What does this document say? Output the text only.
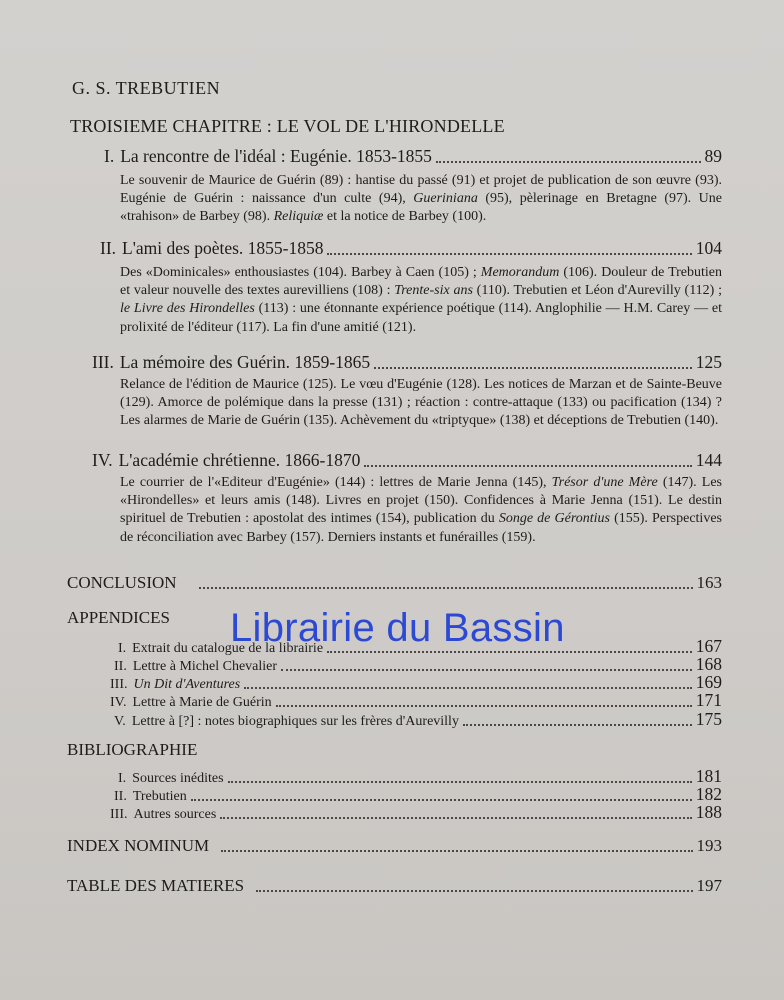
G. S. TREBUTIEN
TROISIEME CHAPITRE : LE VOL DE L'HIRONDELLE
I. La rencontre de l'idéal : Eugénie. 1853-1855	89
Le souvenir de Maurice de Guérin (89) : hantise du passé (91) et projet de publication de son œuvre (93). Eugénie de Guérin : naissance d'un culte (94), Gueriniana (95), pèlerinage en Bretagne (97). Une «trahison» de Barbey (98). Reliquiæ et la notice de Barbey (100).
II. L'ami des poètes. 1855-1858	104
Des «Dominicales» enthousiastes (104). Barbey à Caen (105) ; Memorandum (106). Douleur de Trebutien et valeur nouvelle des textes aurevilliens (108) : Trente-six ans (110). Trebutien et Léon d'Aurevilly (112) ; le Livre des Hirondelles (113) : une étonnante expérience poétique (114). Anglophilie — H.M. Carey — et prolixité de l'éditeur (117). La fin d'une amitié (121).
III. La mémoire des Guérin. 1859-1865	125
Relance de l'édition de Maurice (125). Le vœu d'Eugénie (128). Les notices de Marzan et de Sainte-Beuve (129). Amorce de polémique dans la presse (131) ; réaction : contre-attaque (133) ou pacification (134) ? Les alarmes de Marie de Guérin (135). Achèvement du «triptyque» (138) et déceptions de Trebutien (140).
IV. L'académie chrétienne. 1866-1870	144
Le courrier de l'«Editeur d'Eugénie» (144) : lettres de Marie Jenna (145), Trésor d'une Mère (147). Les «Hirondelles» et leurs amis (148). Livres en projet (150). Confidences à Marie Jenna (151). Le destin spirituel de Trebutien : apostolat des intimes (154), publication du Songe de Gérontius (155). Perspectives de réconciliation avec Barbey (157). Derniers instants et funérailles (159).
CONCLUSION	163
APPENDICES
I. Extrait du catalogue de la librairie	167
II. Lettre à Michel Chevalier	168
III. Un Dit d'Aventures	169
IV. Lettre à Marie de Guérin	171
V. Lettre à [?] : notes biographiques sur les frères d'Aurevilly	175
BIBLIOGRAPHIE
I. Sources inédites	181
II. Trebutien	182
III. Autres sources	188
INDEX NOMINUM	193
TABLE DES MATIERES	197
Librairie du Bassin
